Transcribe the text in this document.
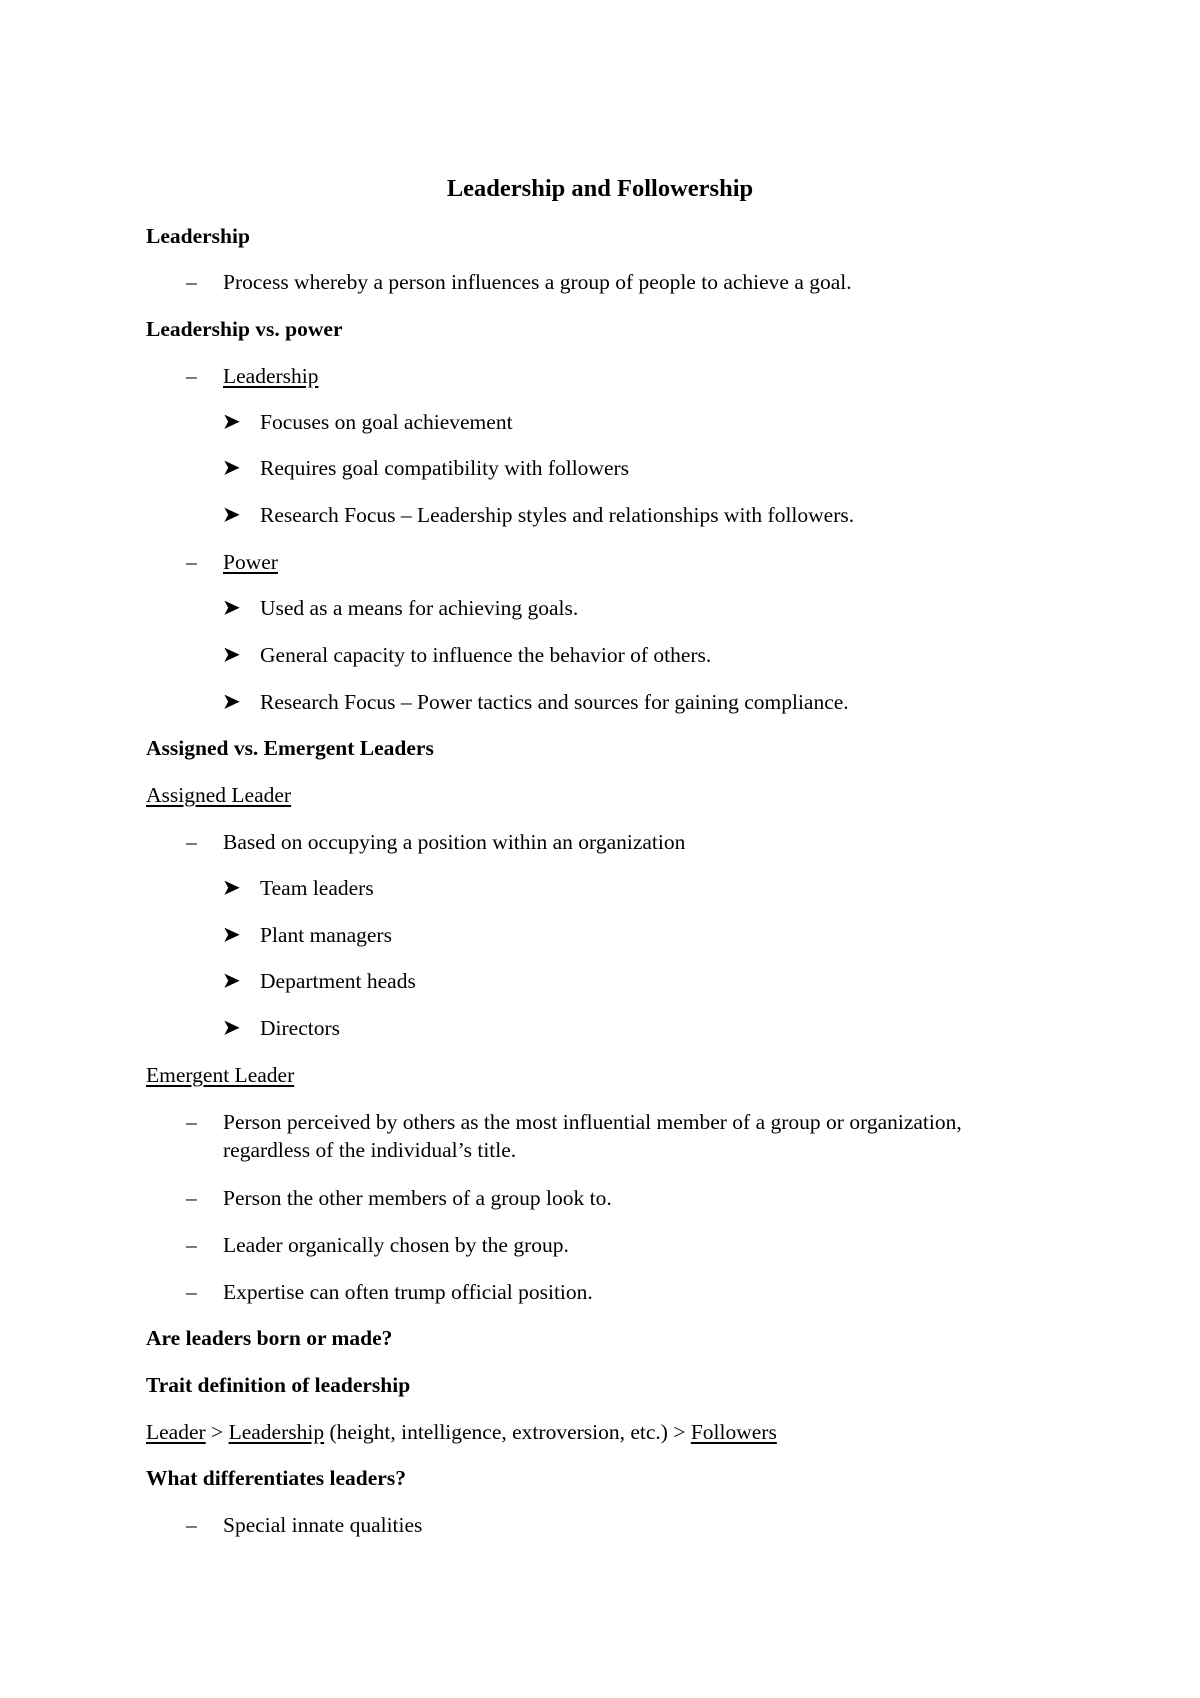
Leadership and Followership
Leadership
– Process whereby a person influences a group of people to achieve a goal.
Leadership vs. power
– Leadership
➤ Focuses on goal achievement
➤ Requires goal compatibility with followers
➤ Research Focus – Leadership styles and relationships with followers.
– Power
➤ Used as a means for achieving goals.
➤ General capacity to influence the behavior of others.
➤ Research Focus – Power tactics and sources for gaining compliance.
Assigned vs. Emergent Leaders
Assigned Leader
– Based on occupying a position within an organization
➤ Team leaders
➤ Plant managers
➤ Department heads
➤ Directors
Emergent Leader
– Person perceived by others as the most influential member of a group or organization,
regardless of the individual’s title.
– Person the other members of a group look to.
– Leader organically chosen by the group.
– Expertise can often trump official position.
Are leaders born or made?
Trait definition of leadership
Leader > Leadership (height, intelligence, extroversion, etc.) > Followers
What differentiates leaders?
– Special innate qualities
